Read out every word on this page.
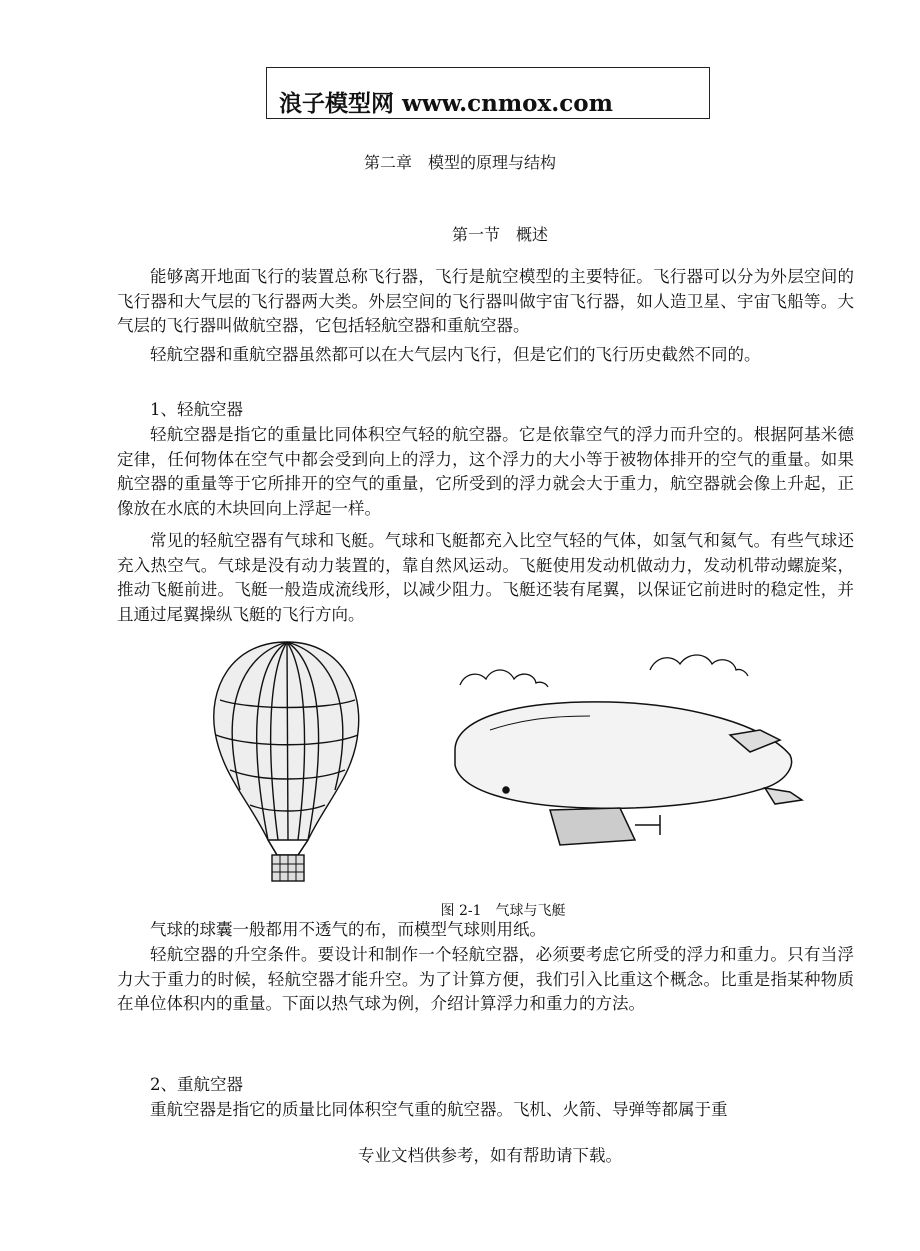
浪子模型网 www.cnmox.com
第二章　模型的原理与结构
第一节　概述

能够离开地面飞行的装置总称飞行器，飞行是航空模型的主要特征。飞行器可以分为外层空间的飞行器和大气层的飞行器两大类。外层空间的飞行器叫做宇宙飞行器，如人造卫星、宇宙飞船等。大气层的飞行器叫做航空器，它包括轻航空器和重航空器。

轻航空器和重航空器虽然都可以在大气层内飞行，但是它们的飞行历史截然不同的。

1、轻航空器

轻航空器是指它的重量比同体积空气轻的航空器。它是依靠空气的浮力而升空的。根据阿基米德定律，任何物体在空气中都会受到向上的浮力，这个浮力的大小等于被物体排开的空气的重量。如果航空器的重量等于它所排开的空气的重量，它所受到的浮力就会大于重力，航空器就会像上升起，正像放在水底的木块回向上浮起一样。

常见的轻航空器有气球和飞艇。气球和飞艇都充入比空气轻的气体，如氢气和氦气。有些气球还充入热空气。气球是没有动力装置的，靠自然风运动。飞艇使用发动机做动力，发动机带动螺旋桨，推动飞艇前进。飞艇一般造成流线形，以减少阻力。飞艇还装有尾翼，以保证它前进时的稳定性，并且通过尾翼操纵飞艇的飞行方向。

图 2-1　气球与飞艇

气球的球囊一般都用不透气的布，而模型气球则用纸。

轻航空器的升空条件。要设计和制作一个轻航空器，必须要考虑它所受的浮力和重力。只有当浮力大于重力的时候，轻航空器才能升空。为了计算方便，我们引入比重这个概念。比重是指某种物质在单位体积内的重量。下面以热气球为例，介绍计算浮力和重力的方法。

2、重航空器

重航空器是指它的质量比同体积空气重的航空器。飞机、火箭、导弹等都属于重

专业文档供参考，如有帮助请下载。
